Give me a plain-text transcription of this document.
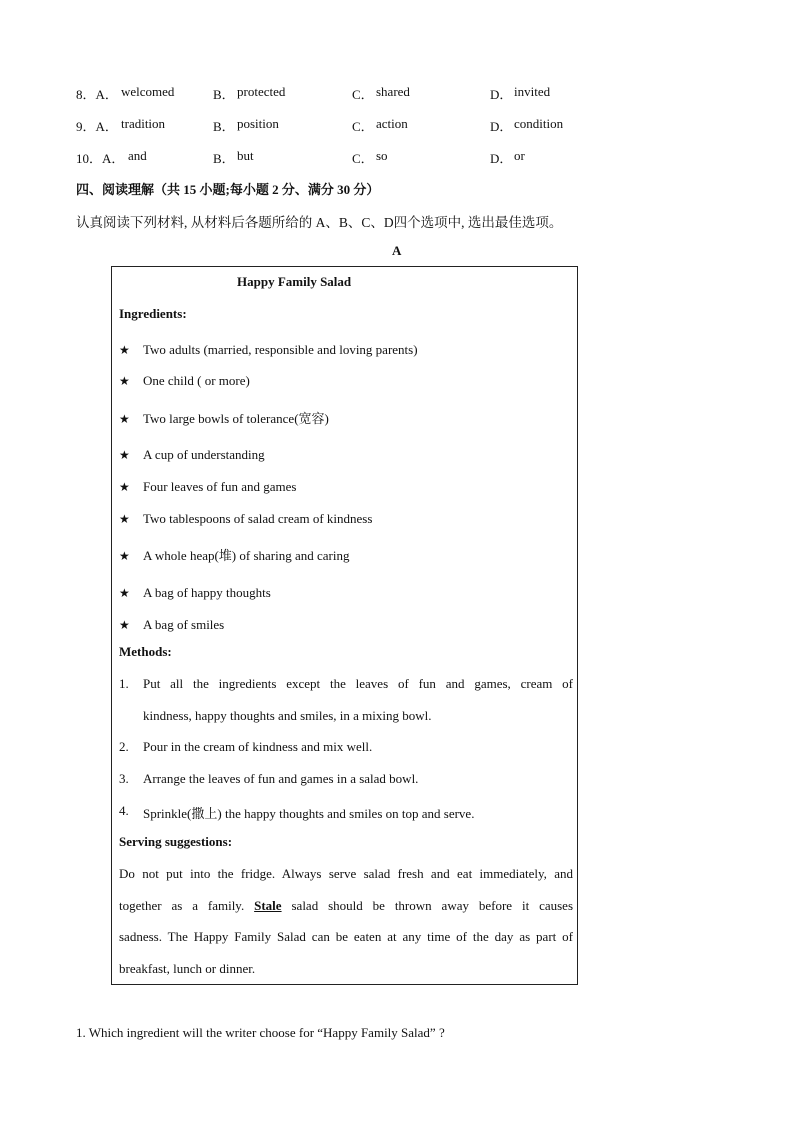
8．A． welcomed	B． protected	C． shared	D． invited
9．A． tradition	B． position	C． action	D． condition
10．A． and	B． but	C． so	D． or
四、阅读理解（共 15 小题;每小题 2 分、满分 30 分）
认真阅读下列材料, 从材料后各题所给的 A、B、C、D四个选项中, 选出最佳选项。
A
Happy Family Salad
Ingredients:
★ Two adults (married, responsible and loving parents)
★ One child ( or more)
★ Two large bowls of tolerance(宽容)
★ A cup of understanding
★ Four leaves of fun and games
★ Two tablespoons of salad cream of kindness
★ A whole heap(堆) of sharing and caring
★ A bag of happy thoughts
★ A bag of smiles
Methods:
1. Put all the ingredients except the leaves of fun and games, cream of
kindness, happy thoughts and smiles, in a mixing bowl.
2. Pour in the cream of kindness and mix well.
3. Arrange the leaves of fun and games in a salad bowl.
4. Sprinkle(撒上) the happy thoughts and smiles on top and serve.
Serving suggestions:
Do not put into the fridge. Always serve salad fresh and eat immediately, and
together as a family. Stale salad should be thrown away before it causes
sadness. The Happy Family Salad can be eaten at any time of the day as part of
breakfast, lunch or dinner.
1. Which ingredient will the writer choose for “Happy Family Salad” ?
